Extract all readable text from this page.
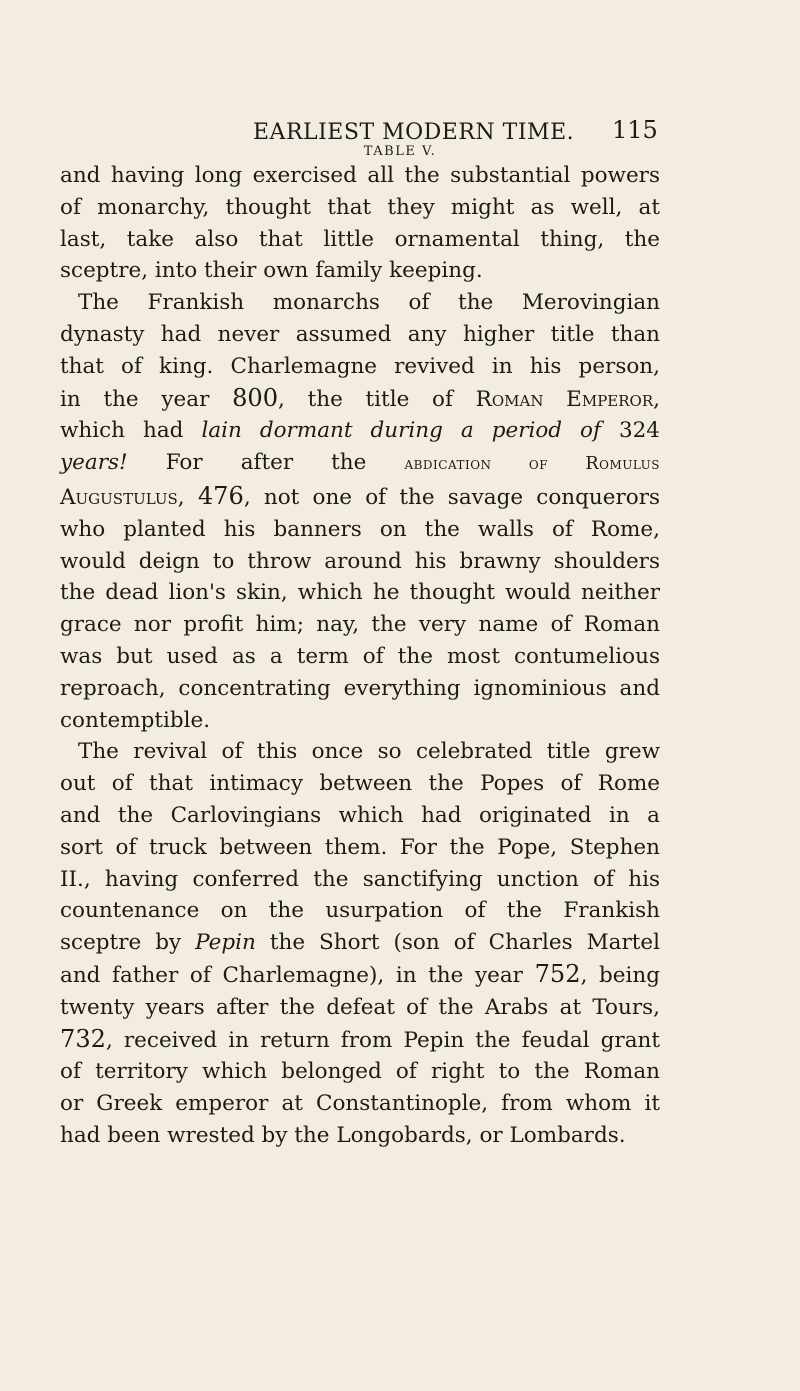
EARLIEST MODERN TIME. 115
TABLE V.
and having long exercised all the substantial powers
of monarchy, thought that they might as well, at
last, take also that little ornamental thing, the
sceptre, into their own family keeping.
The Frankish monarchs of the Merovingian
dynasty had never assumed any higher title than
that of king. Charlemagne revived in his person,
in the year 800, the title of Roman Emperor,
which had lain dormant during a period of 324
years! For after the abdication of Romulus
Augustulus, 476, not one of the savage conquerors
who planted his banners on the walls of Rome,
would deign to throw around his brawny shoulders
the dead lion's skin, which he thought would neither
grace nor profit him; nay, the very name of Roman
was but used as a term of the most contumelious
reproach, concentrating everything ignominious and
contemptible.
The revival of this once so celebrated title grew
out of that intimacy between the Popes of Rome
and the Carlovingians which had originated in a
sort of truck between them. For the Pope, Stephen
II., having conferred the sanctifying unction of his
countenance on the usurpation of the Frankish
sceptre by Pepin the Short (son of Charles Martel
and father of Charlemagne), in the year 752, being
twenty years after the defeat of the Arabs at Tours,
732, received in return from Pepin the feudal grant
of territory which belonged of right to the Roman
or Greek emperor at Constantinople, from whom it
had been wrested by the Longobards, or Lombards.
